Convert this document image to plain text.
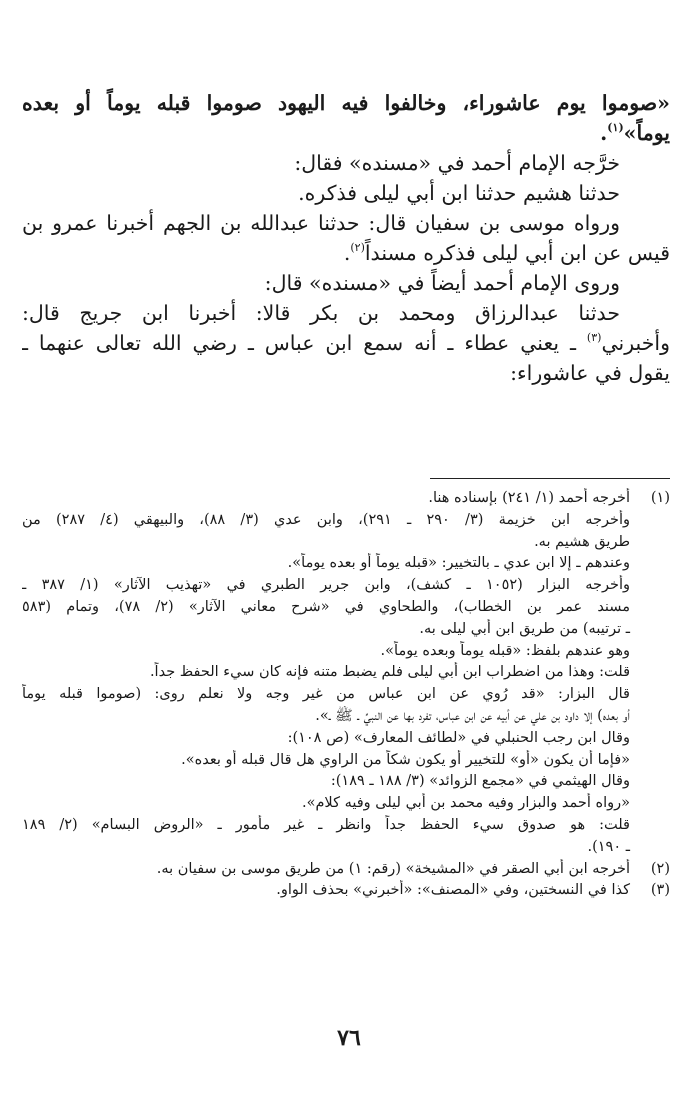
«صوموا يوم عاشوراء، وخالفوا فيه اليهود صوموا قبله يوماً أو بعده

يوماً»$^{(١)}$.

خرَّجه الإمام أحمد في «مسنده» فقال:

حدثنا هشيم حدثنا ابن أبي ليلى فذكره.

ورواه موسى بن سفيان قال: حدثنا عبدالله بن الجهم أخبرنا عمرو بن

قيس عن ابن أبي ليلى فذكره مسنداً$^{(٢)}$.

وروى الإمام أحمد أيضاً في «مسنده» قال:

حدثنا عبدالرزاق ومحمد بن بكر قالا: أخبرنا ابن جريج قال:

وأخبرني$^{(٣)}$ ـ يعني عطاء ـ أنه سمع ابن عباس ـ رضي الله تعالى عنهما ـ

يقول في عاشوراء:

(١)أخرجه أحمد (١/ ٢٤١) بإسناده هنا.

وأخرجه ابن خزيمة (٣/ ٢٩٠ ـ ٢٩١)، وابن عدي (٣/ ٨٨)، والبيهقي (٤/ ٢٨٧) من

طريق هشيم به.

وعندهم ـ إلا ابن عدي ـ بالتخيير: «قبله يوماً أو بعده يوماً».

وأخرجه البزار (١٠٥٢ ـ كشف)، وابن جرير الطبري في «تهذيب الآثار» (١/ ٣٨٧ ـ

مسند عمر بن الخطاب)، والطحاوي في «شرح معاني الآثار» (٢/ ٧٨)، وتمام (٥٨٣

ـ ترتيبه) من طريق ابن أبي ليلى به.

وهو عندهم بلفظ: «قبله يوماً وبعده يوماً».

قلت: وهذا من اضطراب ابن أبي ليلى فلم يضبط متنه فإنه كان سيء الحفظ جداً.

قال البزار: «قد رُوي عن ابن عباس من غير وجه ولا نعلم روى: (صوموا قبله يوماً

أو بعده) إلا داود بن علي عن أبيه عن ابن عباس، تفرد بها عن النبيِّ ـ ﷺ ـ».

وقال ابن رجب الحنبلي في «لطائف المعارف» (ص ١٠٨):

«فإما أن يكون «أو» للتخيير أو يكون شكاً من الراوي هل قال قبله أو بعده».

وقال الهيثمي في «مجمع الزوائد» (٣/ ١٨٨ ـ ١٨٩):

«رواه أحمد والبزار وفيه محمد بن أبي ليلى وفيه كلام».

قلت: هو صدوق سيء الحفظ جداً وانظر ـ غير مأمور ـ «الروض البسام» (٢/ ١٨٩

ـ ١٩٠).

(٢)أخرجه ابن أبي الصقر في «المشيخة» (رقم: ١) من طريق موسى بن سفيان به.

(٣)كذا في النسختين، وفي «المصنف»: «أخبرني» بحذف الواو.

٧٦
